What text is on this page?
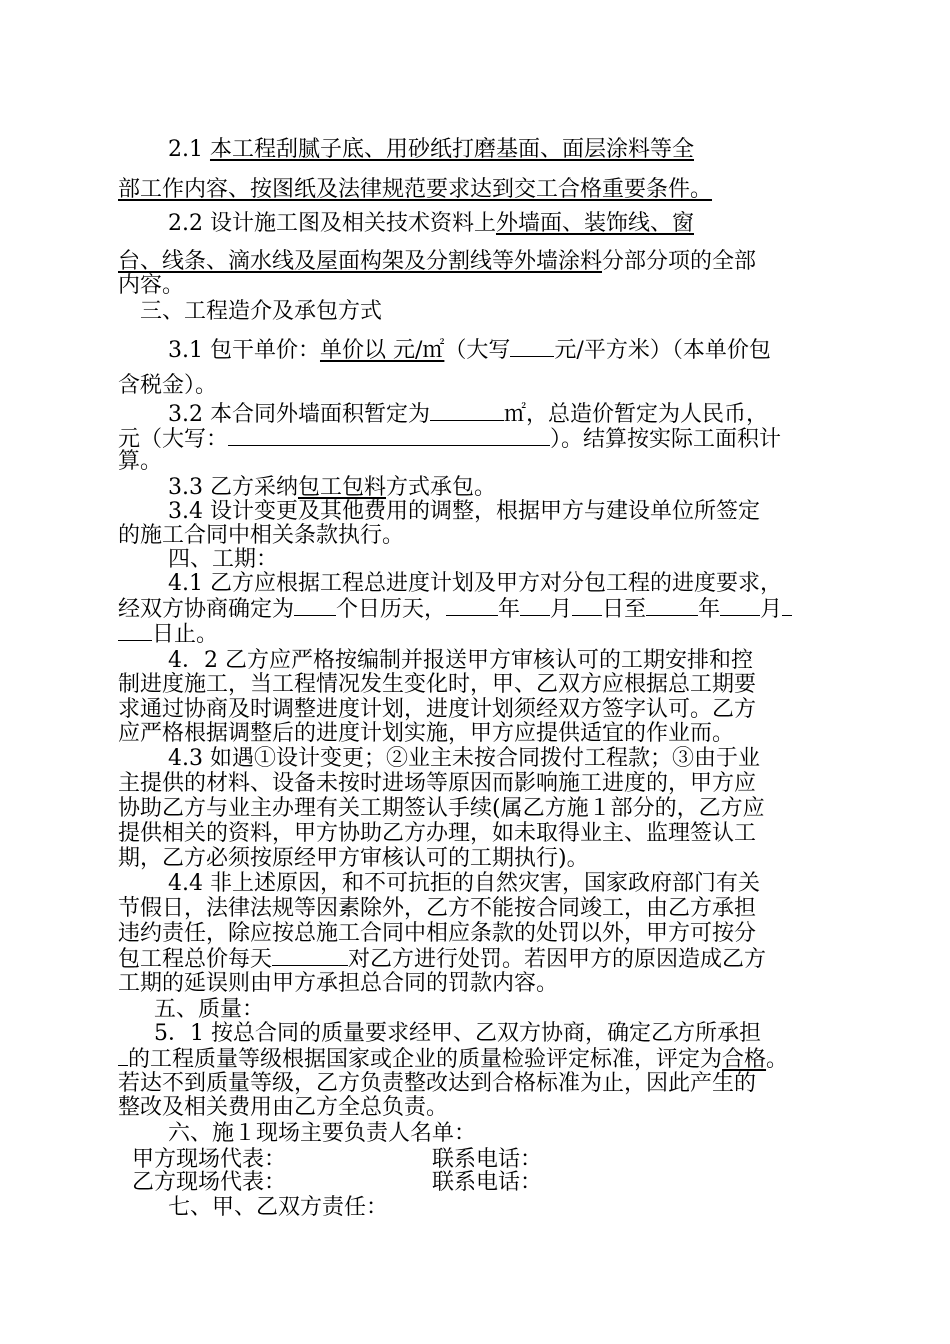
2.1 本工程刮腻子底、用砂纸打磨基面、面层涂料等全
部工作内容、按图纸及法律规范要求达到交工合格重要条件。
2.2 设计施工图及相关技术资料上外墙面、装饰线、窗
台、线条、滴水线及屋面构架及分割线等外墙涂料分部分项的全部
内容。
三、工程造介及承包方式
3.1 包干单价：单价以 元/㎡（大写 元/平方米）（本单价包
含税金）。
3.2 本合同外墙面积暂定为	㎡，总造价暂定为人民币，
元（大写：	）。结算按实际工面积计
算。
3.3 乙方采纳包工包料方式承包。
3.4 设计变更及其他费用的调整，根据甲方与建设单位所签定
的施工合同中相关条款执行。
四、工期：
4.1 乙方应根据工程总进度计划及甲方对分包工程的进度要求，
经双方协商确定为 个日历天， 年 月 日至 年 月
日止。
4．2 乙方应严格按编制并报送甲方审核认可的工期安排和控
制进度施工，当工程情况发生变化时，甲、乙双方应根据总工期要
求通过协商及时调整进度计划，进度计划须经双方签字认可。乙方
应严格根据调整后的进度计划实施，甲方应提供适宜的作业而。
4.3 如遇①设计变更；②业主未按合同拨付工程款；③由于业
主提供的材料、设备未按时进场等原因而影响施工进度的，甲方应
协助乙方与业主办理有关工期签认手续(属乙方施１部分的，乙方应
提供相关的资料，甲方协助乙方办理，如未取得业主、监理签认工
期，乙方必须按原经甲方审核认可的工期执行)。
4.4 非上述原因，和不可抗拒的自然灾害，国家政府部门有关
节假日，法律法规等因素除外，乙方不能按合同竣工，由乙方承担
违约责任，除应按总施工合同中相应条款的处罚以外，甲方可按分
包工程总价每天	对乙方进行处罚。若因甲方的原因造成乙方
工期的延误则由甲方承担总合同的罚款内容。
五、质量：
5．1 按总合同的质量要求经甲、乙双方协商，确定乙方所承担
的工程质量等级根据国家或企业的质量检验评定标准，评定为合格。
若达不到质量等级，乙方负责整改达到合格标准为止，因此产生的
整改及相关费用由乙方全总负责。
六、施１现场主要负责人名单：
甲方现场代表：	联系电话：
乙方现场代表：	联系电话：
七、甲、乙双方责任：
